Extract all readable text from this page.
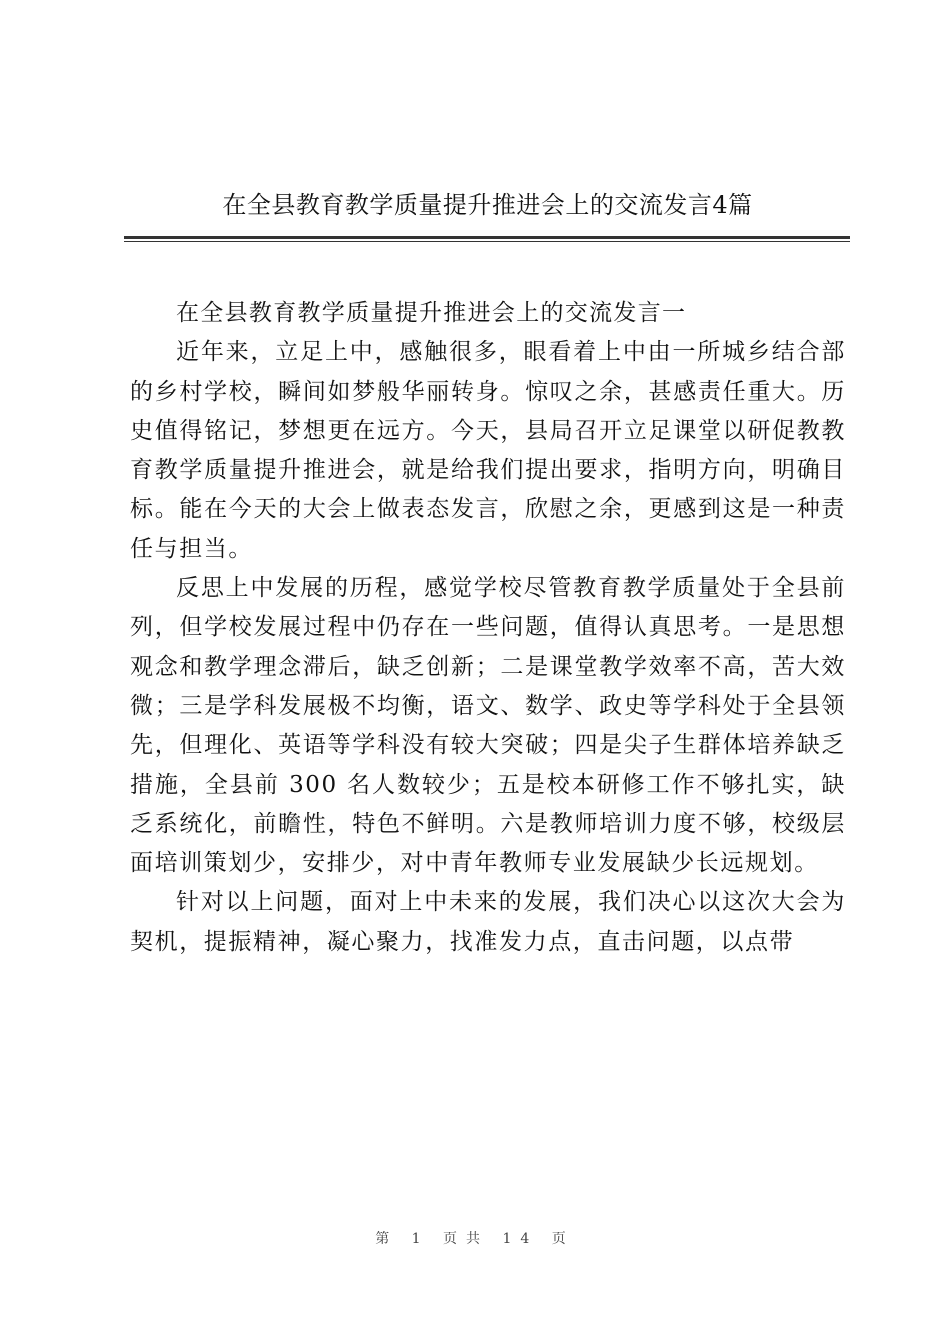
在全县教育教学质量提升推进会上的交流发言4篇

在全县教育教学质量提升推进会上的交流发言一

近年来，立足上中，感触很多，眼看着上中由一所城乡结合部的乡村学校，瞬间如梦般华丽转身。惊叹之余，甚感责任重大。历史值得铭记，梦想更在远方。今天，县局召开立足课堂以研促教教育教学质量提升推进会，就是给我们提出要求，指明方向，明确目标。能在今天的大会上做表态发言，欣慰之余，更感到这是一种责任与担当。

反思上中发展的历程，感觉学校尽管教育教学质量处于全县前列，但学校发展过程中仍存在一些问题，值得认真思考。一是思想观念和教学理念滞后，缺乏创新；二是课堂教学效率不高，苦大效微；三是学科发展极不均衡，语文、数学、政史等学科处于全县领先，但理化、英语等学科没有较大突破；四是尖子生群体培养缺乏措施，全县前 300 名人数较少；五是校本研修工作不够扎实，缺乏系统化，前瞻性，特色不鲜明。六是教师培训力度不够，校级层面培训策划少，安排少，对中青年教师专业发展缺少长远规划。

针对以上问题，面对上中未来的发展，我们决心以这次大会为契机，提振精神，凝心聚力，找准发力点，直击问题，以点带

第 1 页共 14 页
